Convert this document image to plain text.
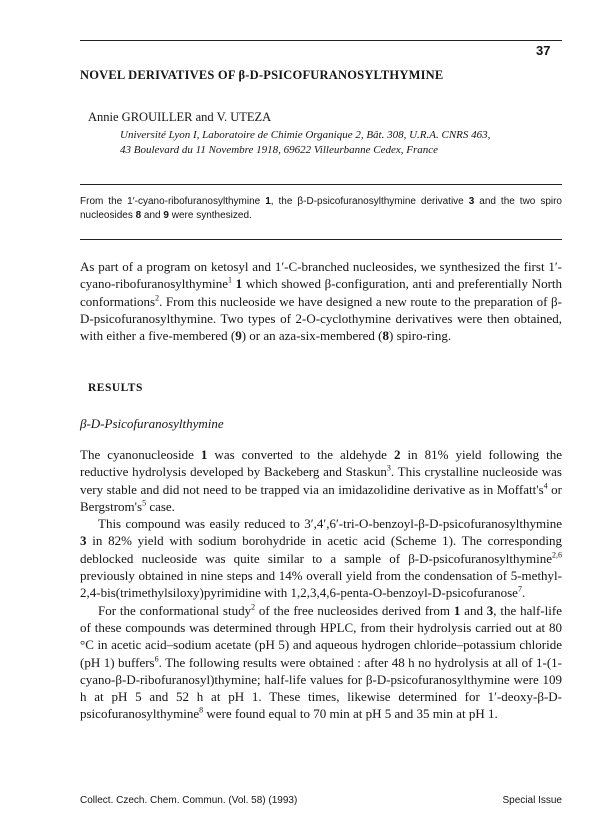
37
NOVEL DERIVATIVES OF β-D-PSICOFURANOSYLTHYMINE
Annie GROUILLER and V. UTEZA
Université Lyon I, Laboratoire de Chimie Organique 2, Bât. 308, U.R.A. CNRS 463,
43 Boulevard du 11 Novembre 1918, 69622 Villeurbanne Cedex, France
From the 1′-cyano-ribofuranosylthymine 1, the β-D-psicofuranosylthymine derivative 3 and the two spiro nucleosides 8 and 9 were synthesized.

As part of a program on ketosyl and 1′-C-branched nucleosides, we synthesized the first 1′-cyano-ribofuranosylthymine$^1$ 1 which showed β-configuration, anti and preferentially North conformations$^2$. From this nucleoside we have designed a new route to the preparation of β-D-psicofuranosylthymine. Two types of 2-O-cyclothymine derivatives were then obtained, with either a five-membered (9) or an aza-six-membered (8) spiro-ring.

RESULTS
β-D-Psicofuranosylthymine

The cyanonucleoside 1 was converted to the aldehyde 2 in 81% yield following the reductive hydrolysis developed by Backeberg and Staskun$^3$. This crystalline nucleoside was very stable and did not need to be trapped via an imidazolidine derivative as in $Moffatt's^4$ or $Bergstrom's^5$ case.

This compound was easily reduced to 3′,4′,6′-tri-O-benzoyl-β-D-psicofuranosylthymine 3 in 82% yield with sodium borohydride in acetic acid (Scheme 1). The corresponding deblocked nucleoside was quite similar to a sample of β-D-psicofuranosylthymine$^{2,6}$ previously obtained in nine steps and 14% overall yield from the condensation of 5-methyl-2,4-bis(trimethylsiloxy)pyrimidine with 1,2,3,4,6-penta-O-benzoyl-D-psicofuranose$^7$.

For the conformational study$^2$ of the free nucleosides derived from 1 and 3, the half-life of these compounds was determined through HPLC, from their hydrolysis carried out at 80 °C in acetic acid–sodium acetate (pH 5) and aqueous hydrogen chloride–potassium chloride (pH 1) buffers$^6$. The following results were obtained : after 48 h no hydrolysis at all of 1-(1-cyano-β-D-ribofuranosyl)thymine; half-life values for β-D-psicofuranosylthymine were 109 h at pH 5 and 52 h at pH 1. These times, likewise determined for 1′-deoxy-β-D-psicofuranosylthymine$^8$ were found equal to 70 min at pH 5 and 35 min at pH 1.

Collect. Czech. Chem. Commun. (Vol. 58) (1993)	Special Issue
